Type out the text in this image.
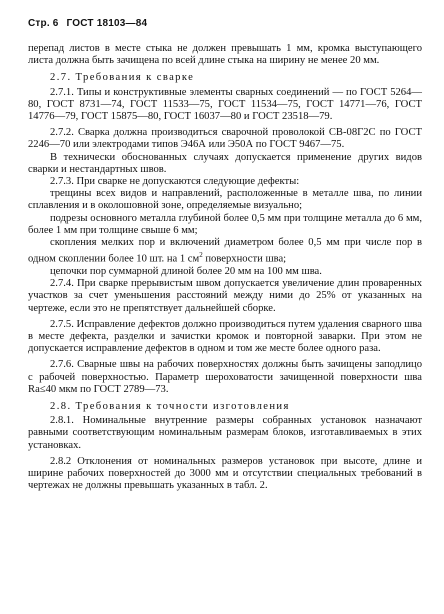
Стр. 6 ГОСТ 18103—84

перепад листов в месте стыка не должен превышать 1 мм, кромка выступающего листа должна быть зачищена по всей длине стыка на ширину не менее 20 мм.

2.7. Требования к сварке

2.7.1. Типы и конструктивные элементы сварных соединений — по ГОСТ 5264—80, ГОСТ 8731—74, ГОСТ 11533—75, ГОСТ 11534—75, ГОСТ 14771—76, ГОСТ 14776—79, ГОСТ 15875—80, ГОСТ 16037—80 и ГОСТ 23518—79.

2.7.2. Сварка должна производиться сварочной проволокой СВ-08Г2С по ГОСТ 2246—70 или электродами типов Э46А или Э50А по ГОСТ 9467—75.

В технически обоснованных случаях допускается применение других видов сварки и нестандартных швов.

2.7.3. При сварке не допускаются следующие дефекты:

трещины всех видов и направлений, расположенные в металле шва, по линии сплавления и в околошовной зоне, определяемые визуально;

подрезы основного металла глубиной более 0,5 мм при толщине металла до 6 мм, более 1 мм при толщине свыше 6 мм;

скопления мелких пор и включений диаметром более 0,5 мм при числе пор в одном скоплении более 10 шт. на 1 $см^2$ поверхности шва;

цепочки пор суммарной длиной более 20 мм на 100 мм шва.

2.7.4. При сварке прерывистым швом допускается увеличение длин проваренных участков за счет уменьшения расстояний между ними до 25% от указанных на чертеже, если это не препятствует дальнейшей сборке.

2.7.5. Исправление дефектов должно производиться путем удаления сварного шва в месте дефекта, разделки и зачистки кромок и повторной заварки. При этом не допускается исправление дефектов в одном и том же месте более одного раза.

2.7.6. Сварные швы на рабочих поверхностях должны быть зачищены заподлицо с рабочей поверхностью. Параметр шероховатости зачищенной поверхности шва Ra≤40 мкм по ГОСТ 2789—73.

2.8. Требования к точности изготовления

2.8.1. Номинальные внутренние размеры собранных установок назначают равными соответствующим номинальным размерам блоков, изготавливаемых в этих установках.

2.8.2 Отклонения от номинальных размеров установок при высоте, длине и ширине рабочих поверхностей до 3000 мм и отсутствии специальных требований в чертежах не должны превышать указанных в табл. 2.
